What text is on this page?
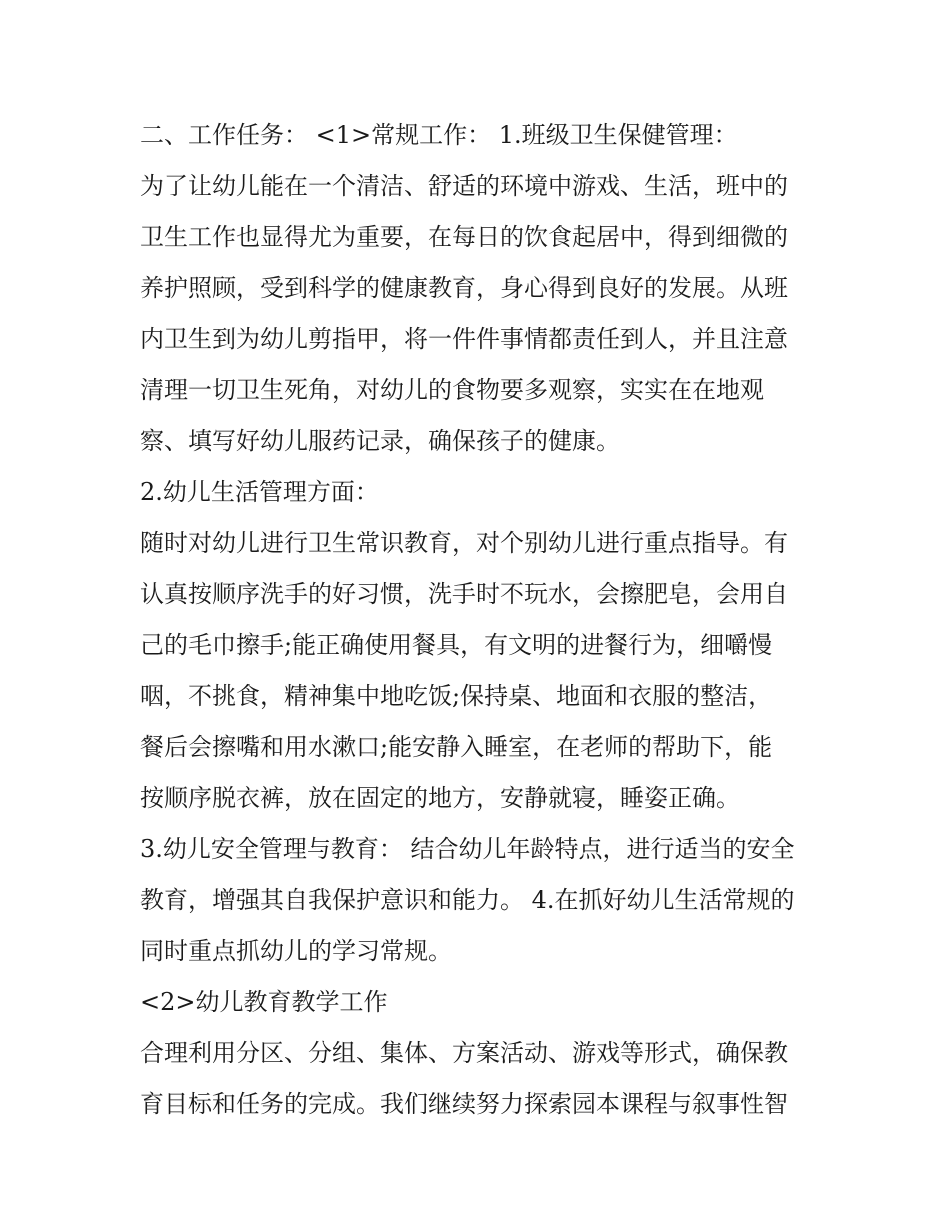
二、工作任务： <1>常规工作： 1.班级卫生保健管理：
为了让幼儿能在一个清洁、舒适的环境中游戏、生活，班中的
卫生工作也显得尤为重要，在每日的饮食起居中，得到细微的
养护照顾，受到科学的健康教育，身心得到良好的发展。从班
内卫生到为幼儿剪指甲，将一件件事情都责任到人，并且注意
清理一切卫生死角，对幼儿的食物要多观察，实实在在地观
察、填写好幼儿服药记录，确保孩子的健康。
2.幼儿生活管理方面：
随时对幼儿进行卫生常识教育，对个别幼儿进行重点指导。有
认真按顺序洗手的好习惯，洗手时不玩水，会擦肥皂，会用自
己的毛巾擦手;能正确使用餐具，有文明的进餐行为，细嚼慢
咽，不挑食，精神集中地吃饭;保持桌、地面和衣服的整洁，
餐后会擦嘴和用水漱口;能安静入睡室，在老师的帮助下，能
按顺序脱衣裤，放在固定的地方，安静就寝，睡姿正确。
3.幼儿安全管理与教育： 结合幼儿年龄特点，进行适当的安全
教育，增强其自我保护意识和能力。 4.在抓好幼儿生活常规的
同时重点抓幼儿的学习常规。
<2>幼儿教育教学工作
合理利用分区、分组、集体、方案活动、游戏等形式，确保教
育目标和任务的完成。我们继续努力探索园本课程与叙事性智
